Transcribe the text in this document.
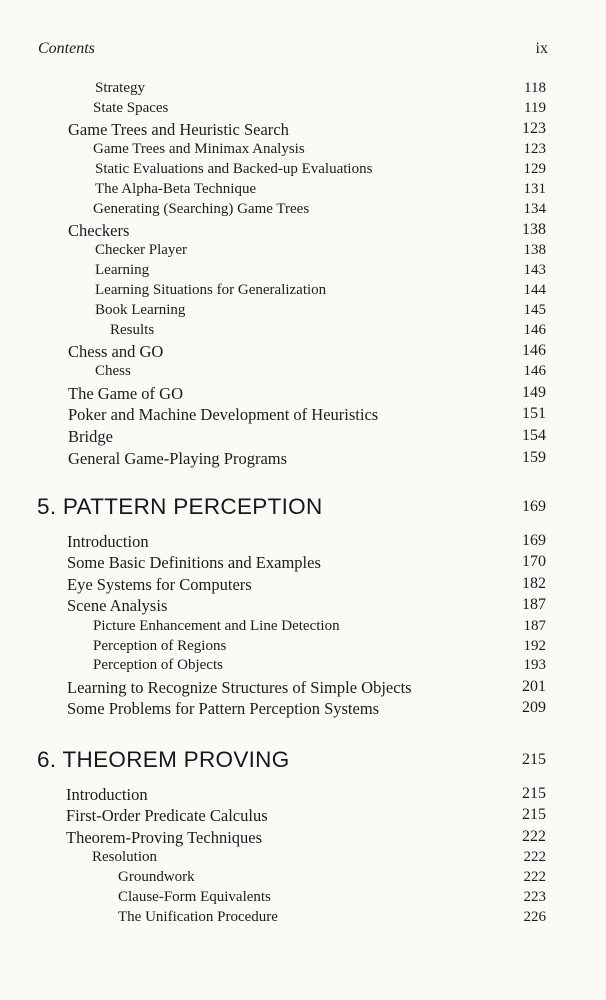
Contents	ix
Strategy	118
State Spaces	119
Game Trees and Heuristic Search	123
Game Trees and Minimax Analysis	123
Static Evaluations and Backed-up Evaluations	129
The Alpha-Beta Technique	131
Generating (Searching) Game Trees	134
Checkers	138
Checker Player	138
Learning	143
Learning Situations for Generalization	144
Book Learning	145
Results	146
Chess and GO	146
Chess	146
The Game of GO	149
Poker and Machine Development of Heuristics	151
Bridge	154
General Game-Playing Programs	159
5. PATTERN PERCEPTION	169
Introduction	169
Some Basic Definitions and Examples	170
Eye Systems for Computers	182
Scene Analysis	187
Picture Enhancement and Line Detection	187
Perception of Regions	192
Perception of Objects	193
Learning to Recognize Structures of Simple Objects	201
Some Problems for Pattern Perception Systems	209
6. THEOREM PROVING	215
Introduction	215
First-Order Predicate Calculus	215
Theorem-Proving Techniques	222
Resolution	222
Groundwork	222
Clause-Form Equivalents	223
The Unification Procedure	226
